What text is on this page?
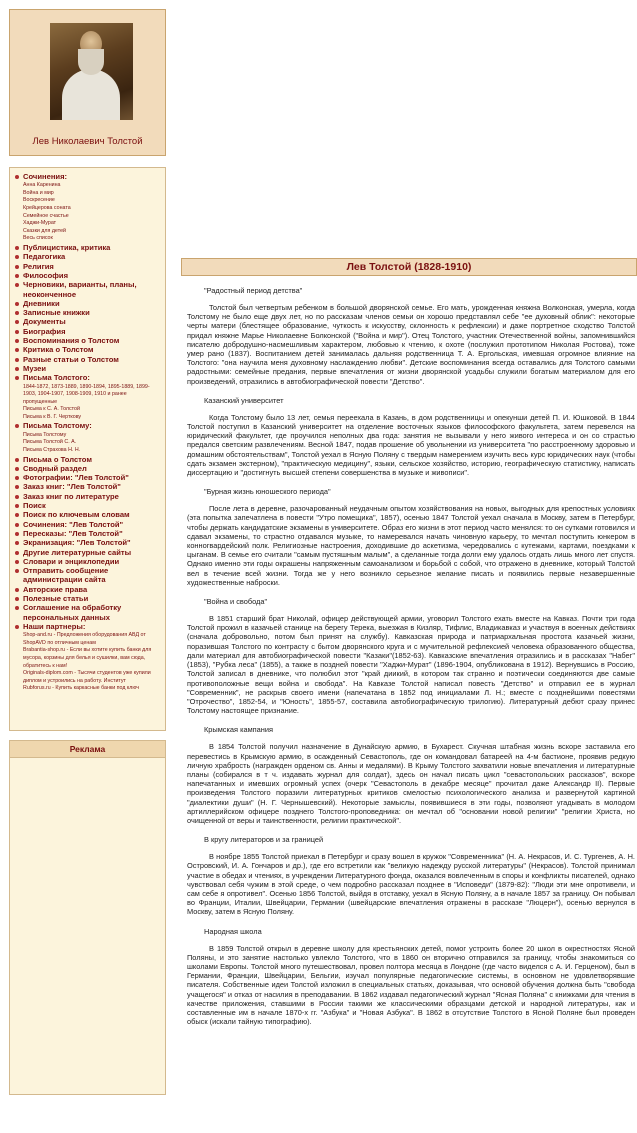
Лев Николаевич Толстой
Сочинения:
Анна Каренина
Война и мир
Воскресение
Крейцерова соната
Семейное счастье
Хаджи-Мурат
Сказки для детей
Весь список
Публицистика, критика
Педагогика
Религия
Философия
Черновики, варианты, планы, неоконченное
Дневники
Записные книжки
Документы
Биография
Воспоминания о Толстом
Критика о Толстом
Разные статьи о Толстом
Музеи
Письма Толстого:
1844-1872, 1873-1889, 1890-1894, 1895-1889, 1899-1903, 1904-1907, 1908-1909, 1910 и ранее пропущенные
Письма к С. А. Толстой
Письма к В. Г. Черткову
Письма Толстому:
Письма Толстому
Письма Толстой С. А.
Письма Страхова Н. Н.
Письма о Толстом
Сводный раздел
Фотографии: "Лев Толстой"
Заказ книг: "Лев Толстой"
Заказ книг по литературе
Поиск
Поиск по ключевым словам
Сочинения: "Лев Толстой"
Пересказы: "Лев Толстой"
Экранизация: "Лев Толстой"
Другие литературные сайты
Словари и энциклопедии
Отправить сообщение администрации сайта
Авторские права
Полезные статьи
Соглашение на обработку персональных данных
Наши партнеры:
Shop-and.ru - Предложения оборудования АВД от ShopAVD по отличным ценам
Brabantia-shop.ru - Если вы хотите купить банки для мусора, корзины для белья и сушилки, вам сюда, обратитесь к нам!
Originals-diplom.com - Тысячи студентов уже купили диплом и устроились на работу. Институт
Rubforus.ru - Купить каркасные банки под ключ
Реклама
Лев Толстой (1828-1910)
"Радостный период детства"

Толстой был четвертым ребенком в большой дворянской семье. Его мать, урожденная княжна Волконская, умерла, когда Толстому не было еще двух лет, но по рассказам членов семьи он хорошо представлял себе "ее духовный облик": некоторые черты матери (блестящее образование, чуткость к искусству, склонность к рефлексии) и даже портретное сходство Толстой придал княжне Марье Николаевне Болконской ("Война и мир"). Отец Толстого, участник Отечественной войны, запомнившийся писателю добродушно-насмешливым характером, любовью к чтению, к охоте (послужил прототипом Николая Ростова), тоже умер рано (1837). Воспитанием детей занималась дальняя родственница Т. А. Ергольская, имевшая огромное влияние на Толстого: "она научила меня духовному наслаждению любви". Детские воспоминания всегда оставались для Толстого самыми радостными: семейные предания, первые впечатления от жизни дворянской усадьбы служили богатым материалом для его произведений, отразились в автобиографической повести "Детство".

Казанский университет

Когда Толстому было 13 лет, семья переехала в Казань, в дом родственницы и опекунши детей П. И. Юшковой. В 1844 Толстой поступил в Казанский университет на отделение восточных языков философского факультета, затем перевелся на юридический факультет, где проучился неполных два года: занятия не вызывали у него живого интереса и он со страстью предался светским развлечениям. Весной 1847, подав прошение об увольнении из университета "по расстроенному здоровью и домашним обстоятельствам", Толстой уехал в Ясную Поляну с твердым намерением изучить весь курс юридических наук (чтобы сдать экзамен экстерном), "практическую медицину", языки, сельское хозяйство, историю, географическую статистику, написать диссертацию и "достигнуть высшей степени совершенства в музыке и живописи".

"Бурная жизнь юношеского периода"

После лета в деревне, разочарованный неудачным опытом хозяйствования на новых, выгодных для крепостных условиях (эта попытка запечатлена в повести "Утро помещика", 1857), осенью 1847 Толстой уехал сначала в Москву, затем в Петербург, чтобы держать кандидатские экзамены в университете. Образ его жизни в этот период часто менялся: то он сутками готовился и сдавал экзамены, то страстно отдавался музыке, то намеревался начать чиновную карьеру, то мечтал поступить юнкером в конногвардейский полк. Религиозные настроения, доходившие до аскетизма, чередовались с кутежами, картами, поездками к цыганам. В семье его считали "самым пустяшным малым", а сделанные тогда долги ему удалось отдать лишь много лет спустя. Однако именно эти годы окрашены напряженным самоанализом и борьбой с собой, что отражено в дневнике, который Толстой вел в течение всей жизни. Тогда же у него возникло серьезное желание писать и появились первые незавершенные художественные наброски.

"Война и свобода"

В 1851 старший брат Николай, офицер действующей армии, уговорил Толстого ехать вместе на Кавказ. Почти три года Толстой прожил в казачьей станице на берегу Терека, выезжая в Кизляр, Тифлис, Владикавказ и участвуя в военных действиях (сначала добровольно, потом был принят на службу). Кавказская природа и патриархальная простота казачьей жизни, поразившая Толстого по контрасту с бытом дворянского круга и с мучительной рефлексией человека образованного общества, дали материал для автобиографической повести "Казаки"(1852-63). Кавказские впечатления отразились и в рассказах "Набег" (1853), "Рубка леса" (1855), а также в поздней повести "Хаджи-Мурат" (1896-1904, опубликована в 1912). Вернувшись в Россию, Толстой записал в дневнике, что полюбил этот "край диикий, в котором так странно и поэтически соединяются две самые противоположные вещи война и свобода". На Кавказе Толстой написал повесть "Детство" и отправил ее в журнал "Современник", не раскрыв своего имени (напечатана в 1852 под инициалами Л. Н.; вместе с позднейшими повестями "Отрочество", 1852-54, и "Юность", 1855-57, составила автобиографическую трилогию). Литературный дебют сразу принес Толстому настоящее признание.

Крымская кампания

В 1854 Толстой получил назначение в Дунайскую армию, в Бухарест. Скучная штабная жизнь вскоре заставила его перевестись в Крымскую армию, в осажденный Севастополь, где он командовал батареей на 4-м бастионе, проявив редкую личную храбрость (награжден орденом св. Анны и медалями). В Крыму Толстого захватили новые впечатления и литературные планы (собирался в т ч. издавать журнал для солдат), здесь он начал писать цикл "севастопольских рассказов", вскоре напечатанных и имевших огромный успех (очерк "Севастополь в декабре месяце" прочитал даже Александр II). Первые произведения Толстого поразили литературных критиков смелостью психологического анализа и развернутой картиной "диалектики души" (Н. Г. Чернышевский). Некоторые замыслы, появившиеся в эти годы, позволяют угадывать в молодом артиллерийском офицере позднего Толстого-проповедника: он мечтал об "основании новой религии" "религии Христа, но очищенной от веры и таинственности, религии практической".

В кругу литераторов и за границей

В ноябре 1855 Толстой приехал в Петербург и сразу вошел в кружок "Современника" (Н. А. Некрасов, И. С. Тургенев, А. Н. Островский, И. А. Гончаров и др.), где его встретили как "великую надежду русской литературы" (Некрасов). Толстой принимал участие в обедах и чтениях, в учреждении Литературного фонда, оказался вовлеченным в споры и конфликты писателей, однако чувствовал себя чужим в этой среде, о чем подробно рассказал позднее в "Исповеди" (1879-82): "Люди эти мне опротивели, и сам себе я опротивел". Осенью 1856 Толстой, выйдя в отставку, уехал в Ясную Поляну, а в начале 1857 за границу. Он побывал во Франции, Италии, Швейцарии, Германии (швейцарские впечатления отражены в рассказе "Люцерн"), осенью вернулся в Москву, затем в Ясную Поляну.

Народная школа

В 1859 Толстой открыл в деревне школу для крестьянских детей, помог устроить более 20 школ в окрестностях Ясной Поляны, и это занятие настолько увлекло Толстого, что в 1860 он вторично отправился за границу, чтобы знакомиться со школами Европы. Толстой много путешествовал, провел полтора месяца в Лондоне (где часто виделся с А. И. Герценом), был в Германии, Франции, Швейцарии, Бельгии, изучал популярные педагогические системы, в основном не удовлетворявшие писателя. Собственные идеи Толстой изложил в специальных статьях, доказывая, что основой обучения должна быть "свобода учащегося" и отказ от насилия в преподавании. В 1862 издавал педагогический журнал "Ясная Поляна" с книжками для чтения в качестве приложения, ставшими в России такими же классическими образцами детской и народной литературы, как и составленные им в начале 1870-х гг. "Азбука" и "Новая Азбука". В 1862 в отсутствие Толстого в Ясной Поляне был проведен обыск (искали тайную типографию).
